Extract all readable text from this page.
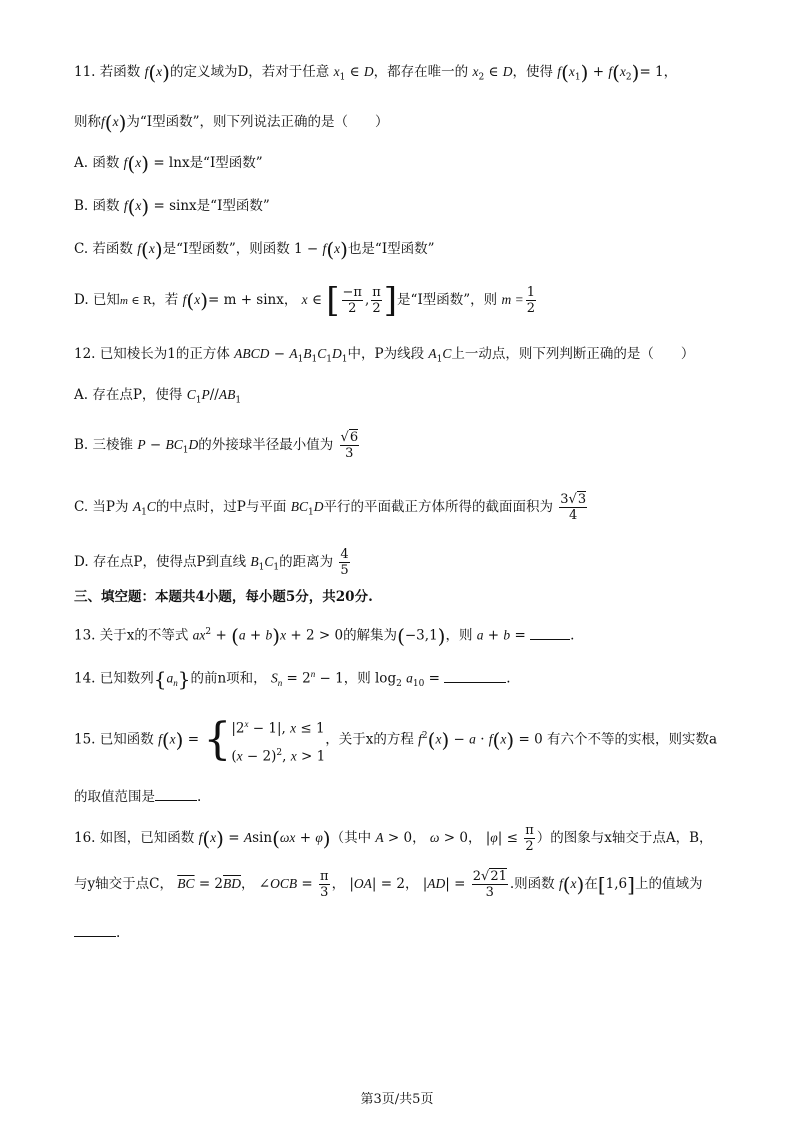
11. 若函数 f(x)的定义域为D，若对于任意 $x_1$ ∈ D，都存在唯一的 $x_2$ ∈ D，使得 $f(x_1) + f(x_2)= 1$，
则称f(x)为“I型函数”，则下列说法正确的是（　　）
A. 函数 f(x) = lnx是“I型函数”
B. 函数 f(x) = sinx是“I型函数”
C. 若函数 f(x)是“I型函数”，则函数 1 − f(x)也是“I型函数”
D. 已知m ∈ R，若 f(x)= m + sinx， x ∈ [ $\frac{-\pi}{2}$ , $\frac{\pi}{2}$ ]是“I型函数”，则 $m = \frac{1}{2}$
12. 已知棱长为1的正方体 ABCD − $A_1B_1C_1D_1$中，P为线段 $A_1C$上一动点，则下列判断正确的是（　　）
A. 存在点P，使得 $C_1P//AB_1$
B. 三棱锥 $P - BC_1D$的外接球半径最小值为 $\frac{√6}{3}$
C. 当P为 $A_1C$的中点时，过P与平面 $BC_1D$平行的平面截正方体所得的截面面积为 $\frac{3√3}{4}$
D. 存在点P，使得点P到直线 $B_1C_1$的距离为 $\frac{4}{5}$
三、填空题：本题共4小题，每小题5分，共20分.
13. 关于x的不等式 $ax^2 + (a + b)x + 2 > 0$的解集为(−3,1)，则 a + b =	.
14. 已知数列$\{a_n\}$的前n项和， $S_n = 2^n - 1$，则 $\log_2 a_{10}$ =	.
15. 已知函数 f(x) = { $|2^x - 1|$, x ≤ 1
$(x - 2)^2$, x > 1
，关于x的方程 $f^2(x) - a \cdot f(x) = 0$ 有六个不等的实根，则实数a
的取值范围是	.
16. 如图，已知函数 f(x) = Asin(ωx + φ)（其中 A > 0， ω > 0， $|\varphi| \le \frac{\pi}{2}$ ）的图象与x轴交于点A，B，
与y轴交于点C， $\overline{BC} = 2\overline{BD}$， ∠OCB = $\frac{\pi}{3}$ ， |OA| = 2， $|AD| = \frac{2√21}{3}$ .则函数 f(x)在[1,6]上的值域为
.
第3页/共5页
